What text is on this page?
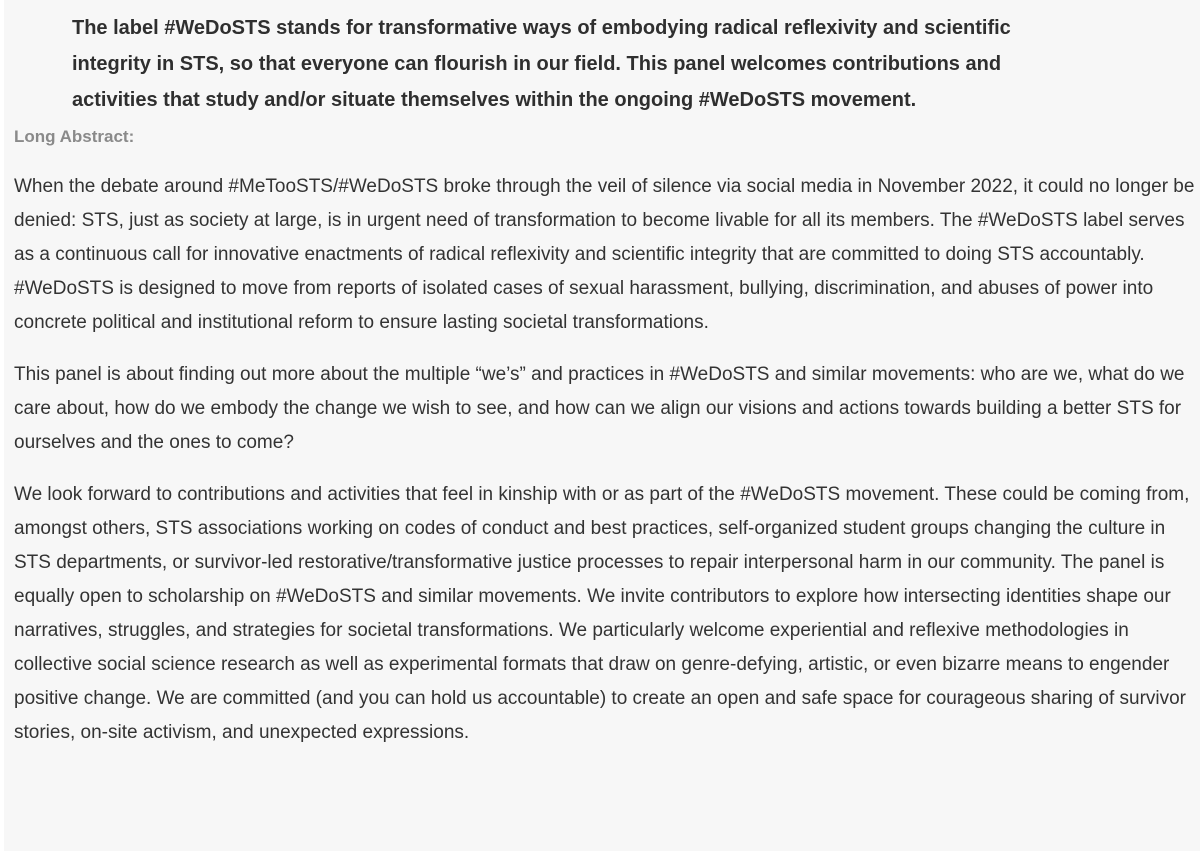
The label #WeDoSTS stands for transformative ways of embodying radical reflexivity and scientific integrity in STS, so that everyone can flourish in our field. This panel welcomes contributions and activities that study and/or situate themselves within the ongoing #WeDoSTS movement.

Long Abstract:

When the debate around #MeTooSTS/#WeDoSTS broke through the veil of silence via social media in November 2022, it could no longer be denied: STS, just as society at large, is in urgent need of transformation to become livable for all its members. The #WeDoSTS label serves as a continuous call for innovative enactments of radical reflexivity and scientific integrity that are committed to doing STS accountably. #WeDoSTS is designed to move from reports of isolated cases of sexual harassment, bullying, discrimination, and abuses of power into concrete political and institutional reform to ensure lasting societal transformations.

This panel is about finding out more about the multiple “we’s” and practices in #WeDoSTS and similar movements: who are we, what do we care about, how do we embody the change we wish to see, and how can we align our visions and actions towards building a better STS for ourselves and the ones to come?

We look forward to contributions and activities that feel in kinship with or as part of the #WeDoSTS movement. These could be coming from, amongst others, STS associations working on codes of conduct and best practices, self-organized student groups changing the culture in STS departments, or survivor-led restorative/transformative justice processes to repair interpersonal harm in our community. The panel is equally open to scholarship on #WeDoSTS and similar movements. We invite contributors to explore how intersecting identities shape our narratives, struggles, and strategies for societal transformations. We particularly welcome experiential and reflexive methodologies in collective social science research as well as experimental formats that draw on genre-defying, artistic, or even bizarre means to engender positive change. We are committed (and you can hold us accountable) to create an open and safe space for courageous sharing of survivor stories, on-site activism, and unexpected expressions.
